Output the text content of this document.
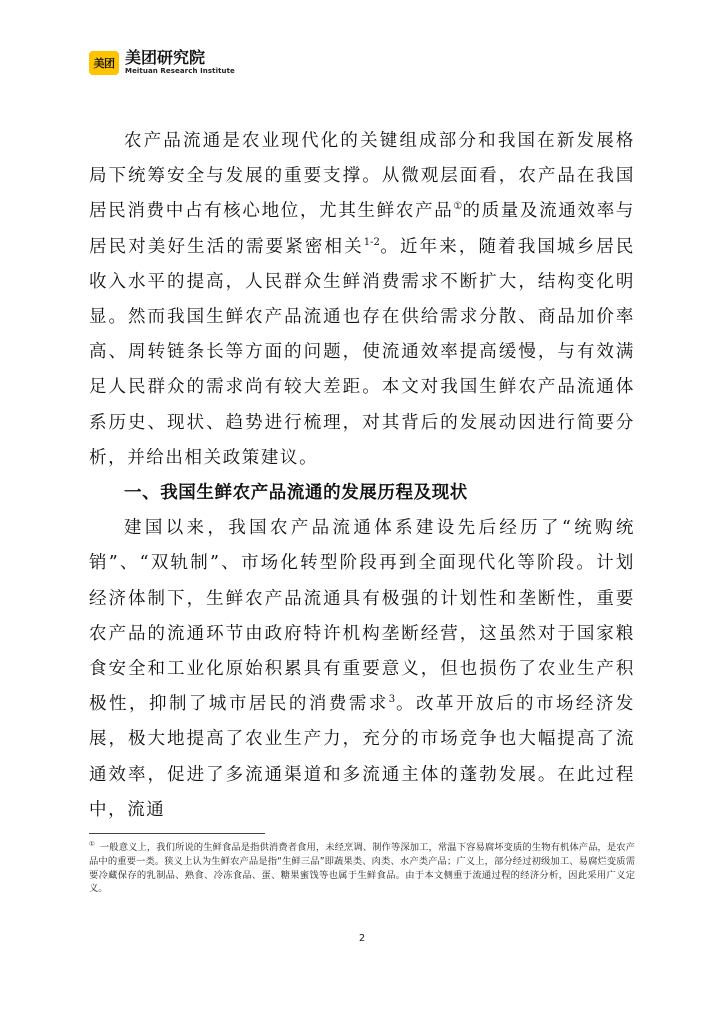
美团 美团研究院
Meituan Research Institute

农产品流通是农业现代化的关键组成部分和我国在新发展格局下统筹安全与发展的重要支撑。从微观层面看，农产品在我国居民消费中占有核心地位，尤其生鲜农产品①的质量及流通效率与居民对美好生活的需要紧密相关$^{1-2}$。近年来，随着我国城乡居民收入水平的提高，人民群众生鲜消费需求不断扩大，结构变化明显。然而我国生鲜农产品流通也存在供给需求分散、商品加价率高、周转链条长等方面的问题，使流通效率提高缓慢，与有效满足人民群众的需求尚有较大差距。本文对我国生鲜农产品流通体系历史、现状、趋势进行梳理，对其背后的发展动因进行简要分析，并给出相关政策建议。

一、我国生鲜农产品流通的发展历程及现状

建国以来，我国农产品流通体系建设先后经历了“统购统销”、“双轨制”、市场化转型阶段再到全面现代化等阶段。计划经济体制下，生鲜农产品流通具有极强的计划性和垄断性，重要农产品的流通环节由政府特许机构垄断经营，这虽然对于国家粮食安全和工业化原始积累具有重要意义，但也损伤了农业生产积极性，抑制了城市居民的消费需求$^3$。改革开放后的市场经济发展，极大地提高了农业生产力，充分的市场竞争也大幅提高了流通效率，促进了多流通渠道和多流通主体的蓬勃发展。在此过程中，流通

① 一般意义上，我们所说的生鲜食品是指供消费者食用，未经烹调、制作等深加工，常温下容易腐坏变质的生物有机体产品，是农产品中的重要一类。狭义上认为生鲜农产品是指“生鲜三品”即蔬果类、肉类、水产类产品；广义上，部分经过初级加工、易腐烂变质需要冷藏保存的乳制品、熟食、冷冻食品、蛋、糖果蜜饯等也属于生鲜食品。由于本文侧重于流通过程的经济分析，因此采用广义定义。
2
